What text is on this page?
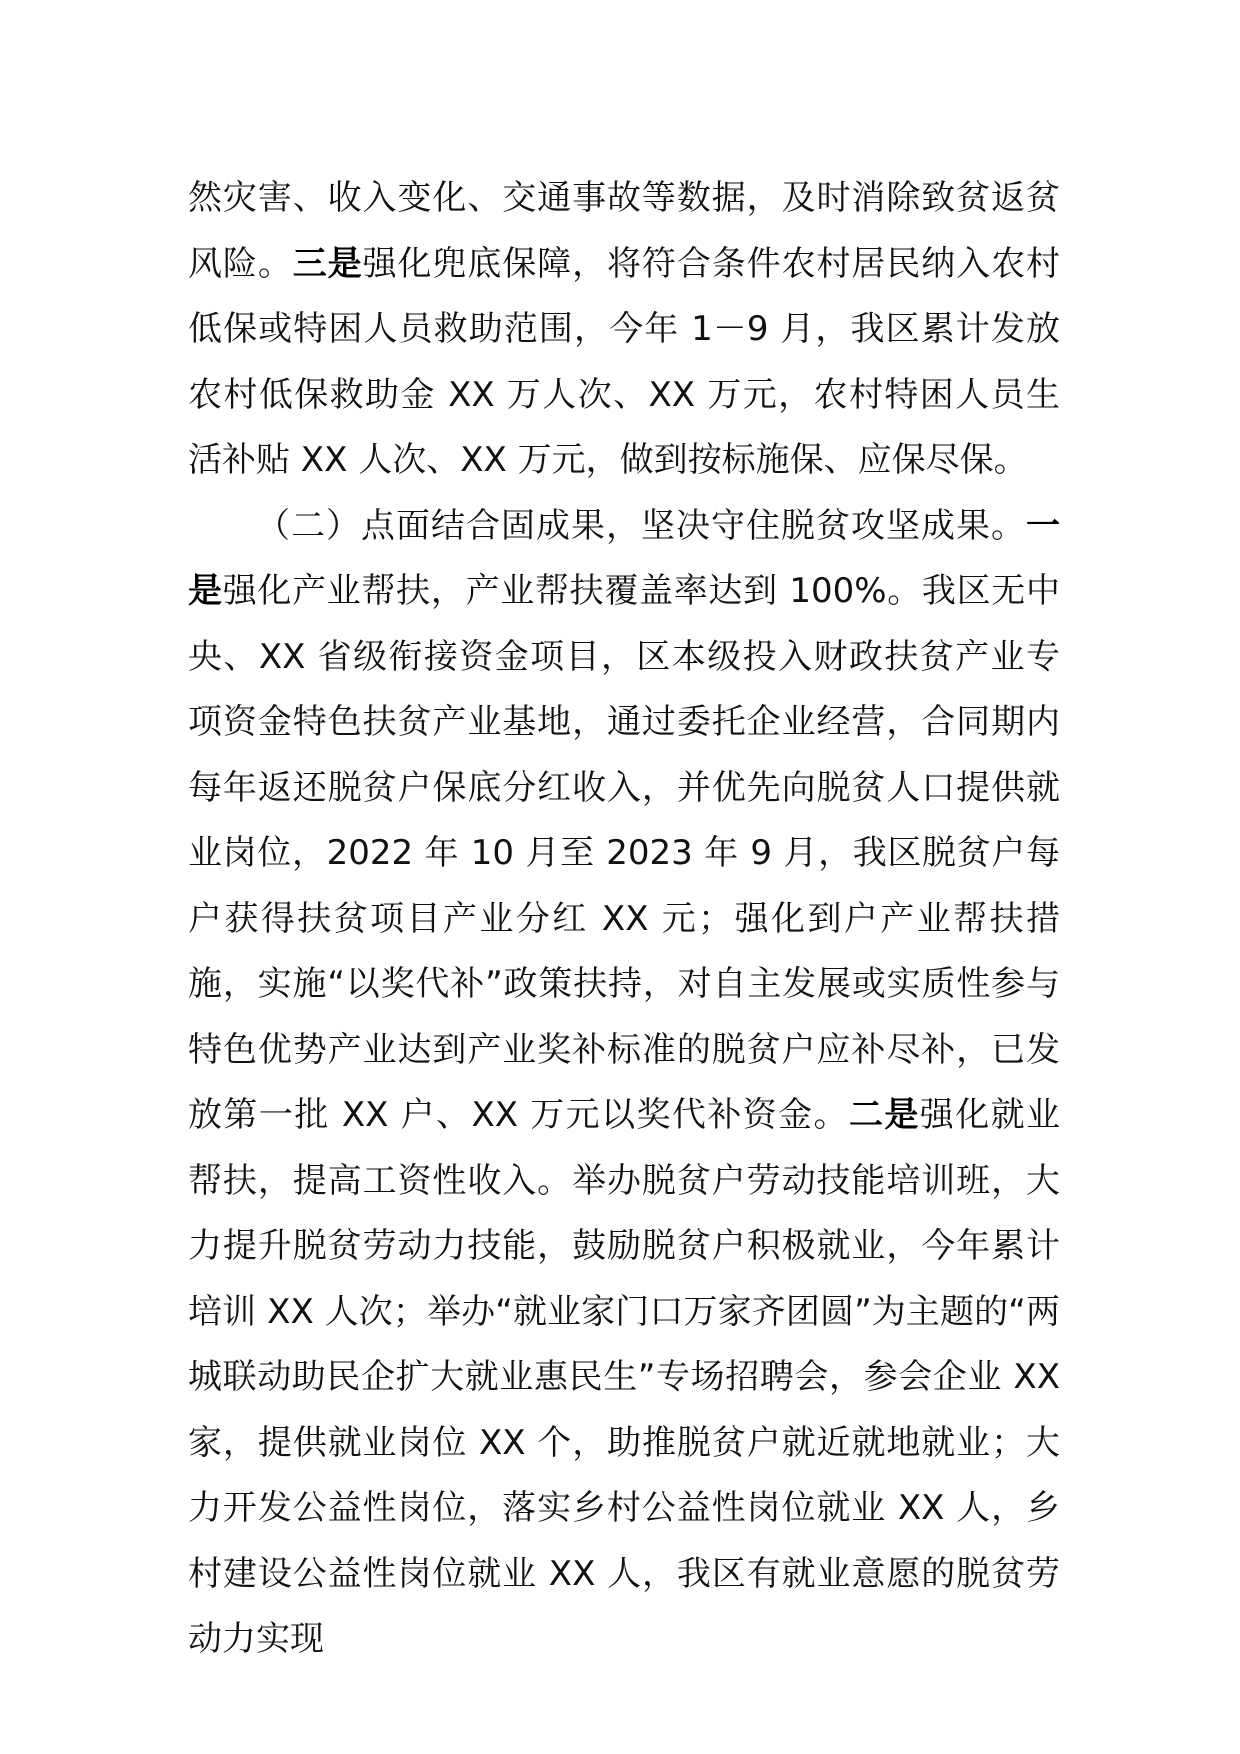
然灾害、收入变化、交通事故等数据，及时消除致贫返贫风险。三是强化兜底保障，将符合条件农村居民纳入农村低保或特困人员救助范围，今年 1－9 月，我区累计发放农村低保救助金 XX 万人次、XX 万元，农村特困人员生活补贴 XX 人次、XX 万元，做到按标施保、应保尽保。

（二）点面结合固成果，坚决守住脱贫攻坚成果。一是强化产业帮扶，产业帮扶覆盖率达到 100%。我区无中央、XX 省级衔接资金项目，区本级投入财政扶贫产业专项资金特色扶贫产业基地，通过委托企业经营，合同期内每年返还脱贫户保底分红收入，并优先向脱贫人口提供就业岗位，2022 年 10 月至 2023 年 9 月，我区脱贫户每户获得扶贫项目产业分红 XX 元；强化到户产业帮扶措施，实施“以奖代补”政策扶持，对自主发展或实质性参与特色优势产业达到产业奖补标准的脱贫户应补尽补，已发放第一批 XX 户、XX 万元以奖代补资金。二是强化就业帮扶，提高工资性收入。举办脱贫户劳动技能培训班，大力提升脱贫劳动力技能，鼓励脱贫户积极就业，今年累计培训 XX 人次；举办“就业家门口万家齐团圆”为主题的“两城联动助民企扩大就业惠民生”专场招聘会，参会企业 XX 家，提供就业岗位 XX 个，助推脱贫户就近就地就业；大力开发公益性岗位，落实乡村公益性岗位就业 XX 人，乡村建设公益性岗位就业 XX 人，我区有就业意愿的脱贫劳动力实现
